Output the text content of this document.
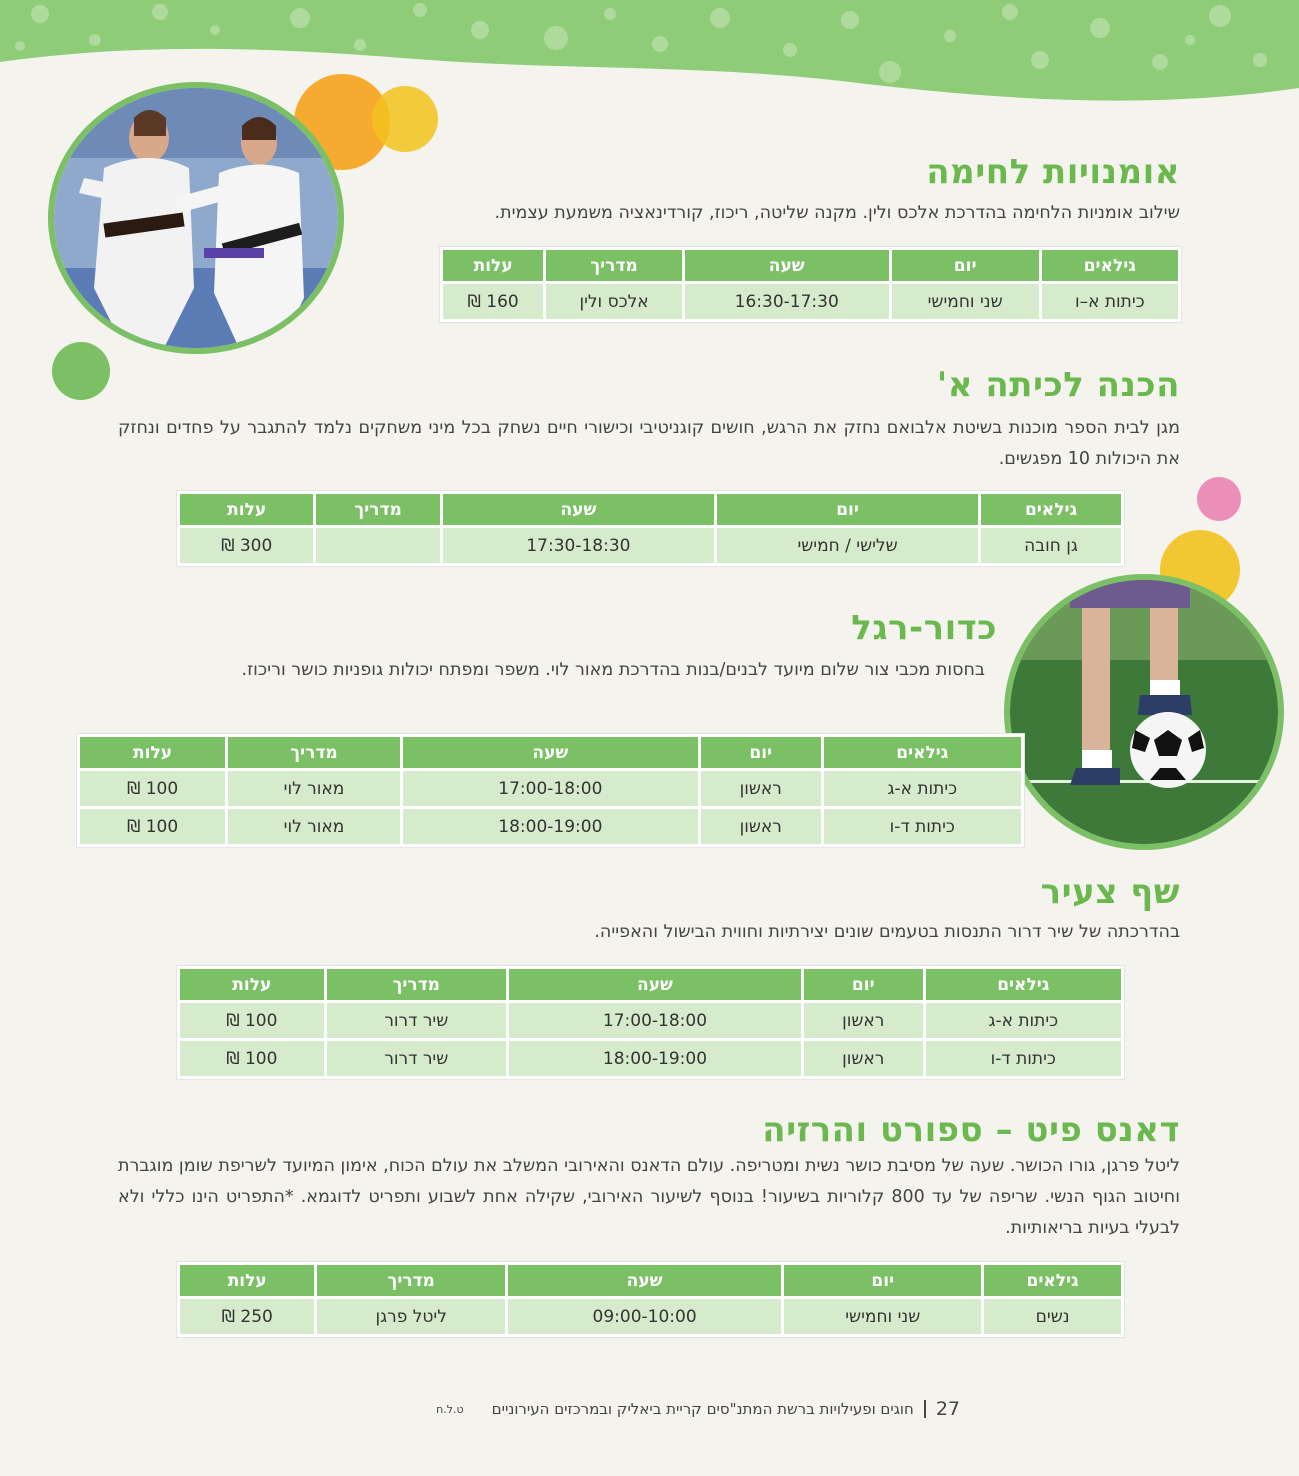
אומנויות לחימה
שילוב אומניות הלחימה בהדרכת אלכס ולין. מקנה שליטה, ריכוז, קורדינאציה משמעת עצמית.
גילאים	יום	שעה	מדריך	עלות
כיתות א–ו	שני וחמישי	16:30-17:30	אלכס ולין	160 ₪
הכנה לכיתה א'
מגן לבית הספר מוכנות בשיטת אלבואם נחזק את הרגש, חושים קוגניטיבי וכישורי חיים נשחק בכל מיני משחקים נלמד להתגבר על פחדים ונחזק את היכולות 10 מפגשים.
גילאים	יום	שעה	מדריך	עלות
גן חובה	שלישי / חמישי	17:30-18:30		300 ₪
כדור-רגל
בחסות מכבי צור שלום מיועד לבנים/בנות בהדרכת מאור לוי. משפר ומפתח יכולות גופניות כושר וריכוז.
גילאים	יום	שעה	מדריך	עלות
כיתות א-ג	ראשון	17:00-18:00	מאור לוי	100 ₪
כיתות ד-ו	ראשון	18:00-19:00	מאור לוי	100 ₪
שף צעיר
בהדרכתה של שיר דרור התנסות בטעמים שונים יצירתיות וחווית הבישול והאפייה.
גילאים	יום	שעה	מדריך	עלות
כיתות א-ג	ראשון	17:00-18:00	שיר דרור	100 ₪
כיתות ד-ו	ראשון	18:00-19:00	שיר דרור	100 ₪
דאנס פיט – ספורט והרזיה
ליטל פרגן, גורו הכושר. שעה של מסיבת כושר נשית ומטריפה. עולם הדאנס והאירובי המשלב את עולם הכוח, אימון המיועד לשריפת שומן מוגברת וחיטוב הגוף הנשי. שריפה של עד 800 קלוריות בשיעור! בנוסף לשיעור האירובי, שקילה אחת לשבוע ותפריט לדוגמא. *התפריט הינו כללי ולא לבעלי בעיות בריאותיות.
גילאים	יום	שעה	מדריך	עלות
נשים	שני וחמישי	09:00-10:00	ליטל פרגן	250 ₪
27
חוגים ופעילויות ברשת המתנ"סים קריית ביאליק ובמרכזים העירוניים
ט.ל.ח
